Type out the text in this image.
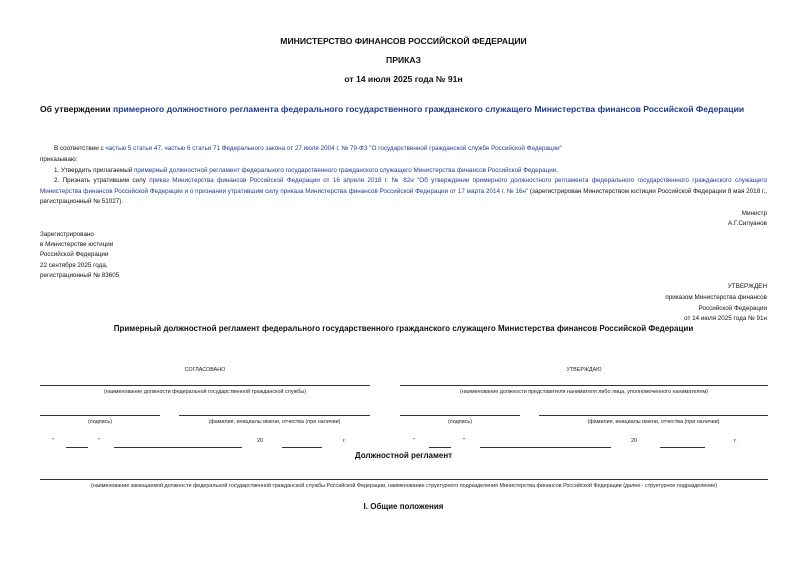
МИНИСТЕРСТВО ФИНАНСОВ РОССИЙСКОЙ ФЕДЕРАЦИИ
ПРИКАЗ
от 14 июля 2025 года № 91н
Об утверждении примерного должностного регламента федерального государственного гражданского служащего Министерства финансов Российской Федерации
В соответствии с частью 5 статьи 47, частью 6 статьи 71 Федерального закона от 27 июля 2004 г. № 79-ФЗ "О государственной гражданской службе Российской Федерации"
приказываю:
1. Утвердить прилагаемый примерный должностной регламент федерального государственного гражданского служащего Министерства финансов Российской Федерации.
2. Признать утратившим силу приказ Министерства финансов Российской Федерации от 16 апреля 2018 г. № 82н "Об утверждении примерного должностного регламента федерального государственного гражданского служащего Министерства финансов Российской Федерации и о признании утратившим силу приказа Министерства финансов Российской Федерации от 17 марта 2014 г. № 16н" (зарегистрирован Министерством юстиции Российской Федерации 8 мая 2018 г., регистрационный № 51027).
Министр
А.Г.Силуанов
Зарегистрировано
в Министерстве юстиции
Российской Федерации
22 сентября 2025 года,
регистрационный № 83605
УТВЕРЖДЕН
приказом Министерства финансов
Российской Федерации
от 14 июля 2025 года № 91н
Примерный должностной регламент федерального государственного гражданского служащего Министерства финансов Российской Федерации
СОГЛАСОВАНО	УТВЕРЖДАЮ
(наименование должности федеральной государственной гражданской службы)	(наименование должности представителя нанимателя либо лица, уполномоченного нанимателем)
(подпись)	(фамилия, инициалы имени, отчества (при наличии)	(подпись)	(фамилия, инициалы имени, отчества (при наличии)
"	"	20	г.	"	"	20	г.
Должностной регламент
(наименование замещаемой должности федеральной государственной гражданской службы Российской Федерации, наименование структурного подразделения Министерства финансов Российской Федерации (далее - структурное подразделение)
I. Общие положения
